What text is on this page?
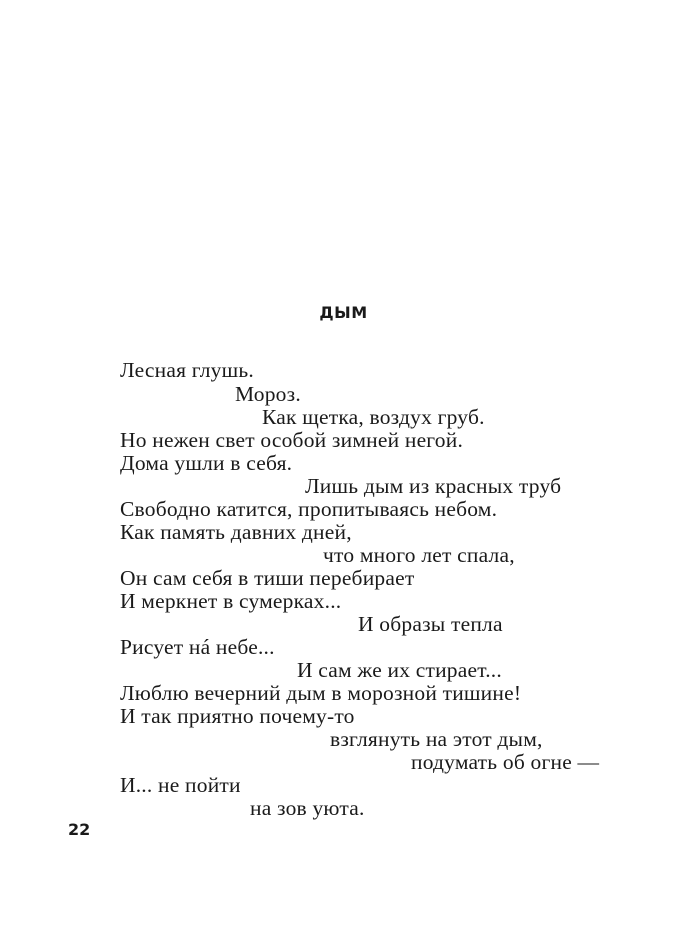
ДЫМ
Лесная глушь.
Мороз.
Как щетка, воздух груб.
Но нежен свет особой зимней негой.
Дома ушли в себя.
Лишь дым из красных труб
Свободно катится, пропитываясь небом.
Как память давних дней,
что много лет спала,
Он сам себя в тиши перебирает
И меркнет в сумерках...
И образы тепла
Рисует нá небе...
И сам же их стирает...
Люблю вечерний дым в морозной тишине!
И так приятно почему-то
взглянуть на этот дым,
подумать об огне —
И... не пойти
на зов уюта.
22
